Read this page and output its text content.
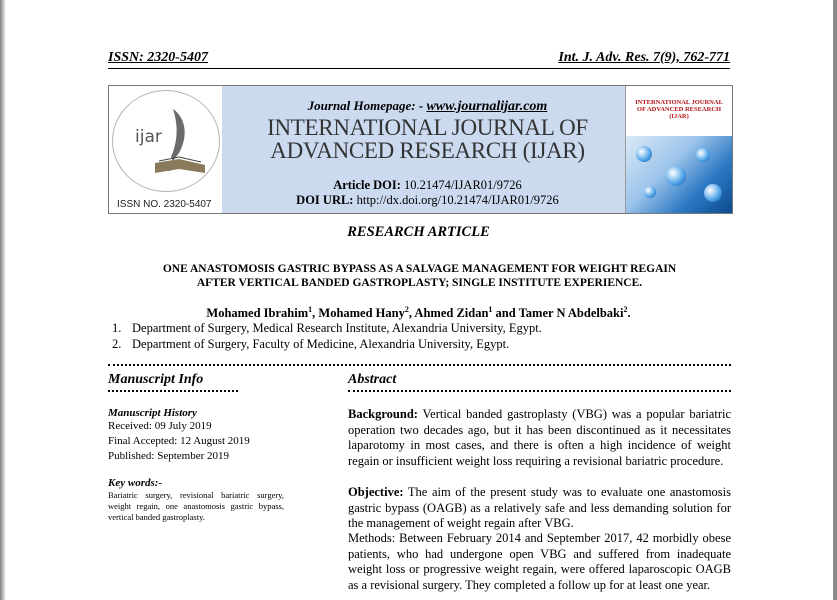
ISSN: 2320-5407	Int. J. Adv. Res. 7(9), 762-771
ijar
ISSN NO. 2320-5407
Journal Homepage: - www.journalijar.com
INTERNATIONAL JOURNAL OF
ADVANCED RESEARCH (IJAR)
Article DOI: 10.21474/IJAR01/9726
DOI URL: http://dx.doi.org/10.21474/IJAR01/9726
INTERNATIONAL JOURNAL OF ADVANCED RESEARCH (IJAR)
RESEARCH ARTICLE
ONE ANASTOMOSIS GASTRIC BYPASS AS A SALVAGE MANAGEMENT FOR WEIGHT REGAIN
AFTER VERTICAL BANDED GASTROPLASTY; SINGLE INSTITUTE EXPERIENCE.
Mohamed Ibrahim$^1$, Mohamed Hany$^2$, Ahmed Zidan$^1$ and Tamer N Abdelbaki$^2$.
1. Department of Surgery, Medical Research Institute, Alexandria University, Egypt.
2. Department of Surgery, Faculty of Medicine, Alexandria University, Egypt.
Manuscript Info
Manuscript History
Received: 09 July 2019
Final Accepted: 12 August 2019
Published: September 2019
Key words:-
Bariatric surgery, revisional bariatric surgery, weight regain, one anastomosis gastric bypass, vertical banded gastroplasty.
Abstract
Background: Vertical banded gastroplasty (VBG) was a popular bariatric operation two decades ago, but it has been discontinued as it necessitates laparotomy in most cases, and there is often a high incidence of weight regain or insufficient weight loss requiring a revisional bariatric procedure.
Objective: The aim of the present study was to evaluate one anastomosis gastric bypass (OAGB) as a relatively safe and less demanding solution for the management of weight regain after VBG.
Methods: Between February 2014 and September 2017, 42 morbidly obese patients, who had undergone open VBG and suffered from inadequate weight loss or progressive weight regain, were offered laparoscopic OAGB as a revisional surgery. They completed a follow up for at least one year.
